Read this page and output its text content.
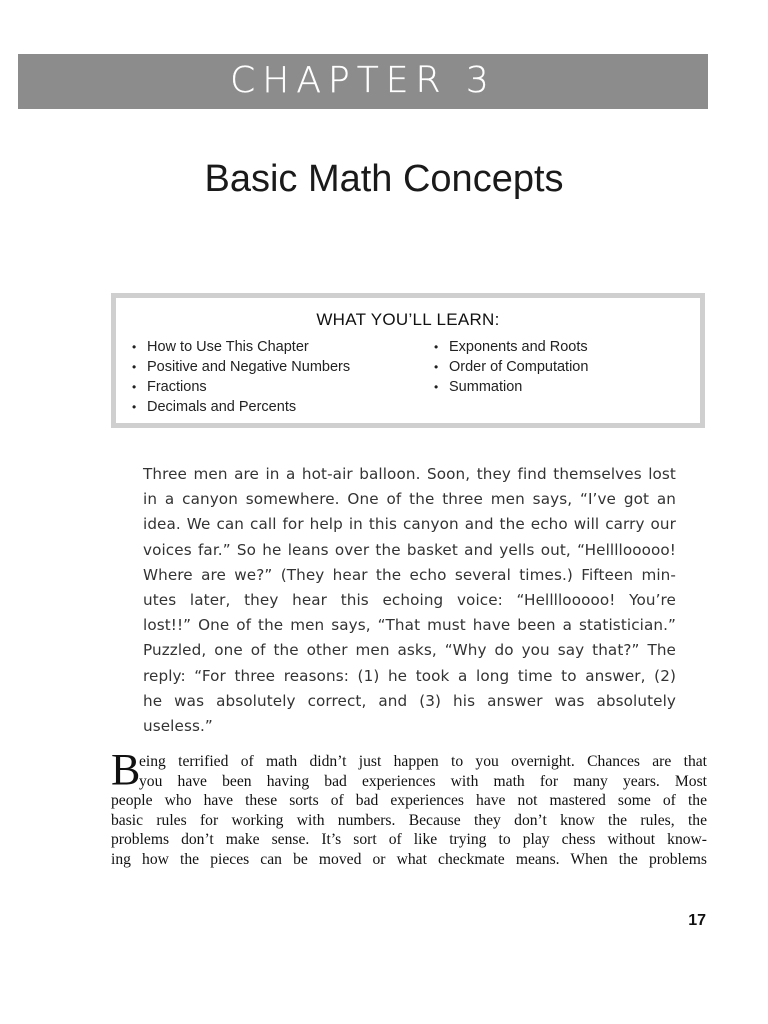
CHAPTER 3
Basic Math Concepts
WHAT YOU’LL LEARN:
• How to Use This Chapter
• Positive and Negative Numbers
• Fractions
• Decimals and Percents
• Exponents and Roots
• Order of Computation
• Summation
Three men are in a hot-air balloon. Soon, they find themselves lost
in a canyon somewhere. One of the three men says, “I’ve got an
idea. We can call for help in this canyon and the echo will carry our
voices far.” So he leans over the basket and yells out, “Hellllooooo!
Where are we?” (They hear the echo several times.) Fifteen min-
utes later, they hear this echoing voice: “Hellllooooo! You’re
lost!!” One of the men says, “That must have been a statistician.”
Puzzled, one of the other men asks, “Why do you say that?” The
reply: “For three reasons: (1) he took a long time to answer, (2)
he was absolutely correct, and (3) his answer was absolutely
useless.”
B
eing terrified of math didn’t just happen to you overnight. Chances are that
you have been having bad experiences with math for many years. Most
people who have these sorts of bad experiences have not mastered some of the
basic rules for working with numbers. Because they don’t know the rules, the
problems don’t make sense. It’s sort of like trying to play chess without know-
ing how the pieces can be moved or what checkmate means. When the problems
17
